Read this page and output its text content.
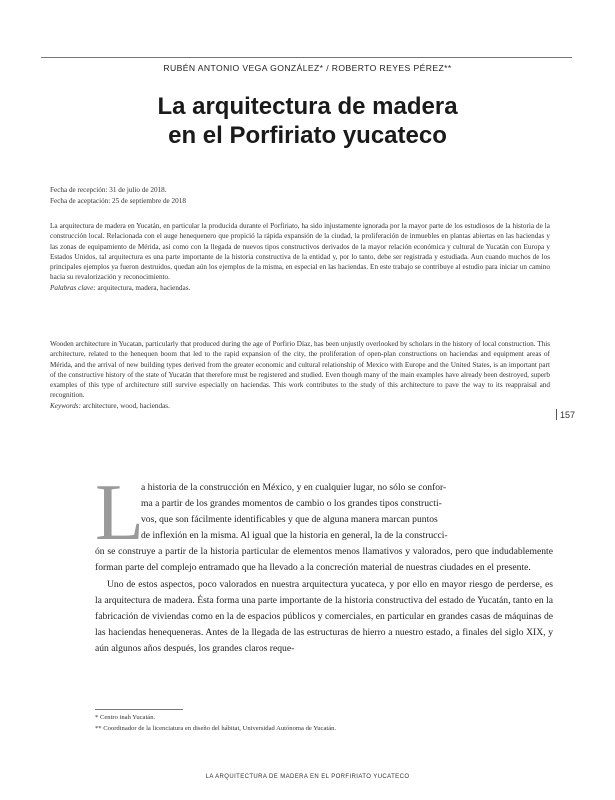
RUBÉN ANTONIO VEGA GONZÁLEZ* / ROBERTO REYES PÉREZ**
La arquitectura de madera
en el Porfiriato yucateco
Fecha de recepción: 31 de julio de 2018.
Fecha de aceptación: 25 de septiembre de 2018
La arquitectura de madera en Yucatán, en particular la producida durante el Porfiriato, ha sido injustamente ignorada por la mayor parte de los estudiosos de la historia de la construcción local. Relacionada con el auge henequenero que propició la rápida expansión de la ciudad, la proliferación de inmuebles en plantas abiertas en las haciendas y las zonas de equipamiento de Mérida, así como con la llegada de nuevos tipos constructivos derivados de la mayor relación económica y cultural de Yucatán con Europa y Estados Unidos, tal arquitectura es una parte importante de la historia constructiva de la entidad y, por lo tanto, debe ser registrada y estudiada. Aun cuando muchos de los principales ejemplos ya fueron destruidos, quedan aún los ejemplos de la misma, en especial en las haciendas. En este trabajo se contribuye al estudio para iniciar un camino hacia su revalorización y reconocimiento.
Palabras clave: arquitectura, madera, haciendas.
Wooden architecture in Yucatan, particularly that produced during the age of Porfirio Díaz, has been unjustly overlooked by scholars in the history of local construction. This architecture, related to the henequen boom that led to the rapid expansion of the city, the proliferation of open-plan constructions on haciendas and equipment areas of Mérida, and the arrival of new building types derived from the greater economic and cultural relationship of Mexico with Europe and the United States, is an important part of the constructive history of the state of Yucatán that therefore must be registered and studied. Even though many of the main examples have already been destroyed, superb examples of this type of architecture still survive especially on haciendas. This work contributes to the study of this architecture to pave the way to its reappraisal and recognition.
Keywords: architecture, wood, haciendas.
157
L

a historia de la construcción en México, y en cualquier lugar, no sólo se confor-
ma a partir de los grandes momentos de cambio o los grandes tipos constructi-
vos, que son fácilmente identificables y que de alguna manera marcan puntos
de inflexión en la misma. Al igual que la historia en general, la de la construcci-

ón se construye a partir de la historia particular de elementos menos llamativos y valorados, pero que indudablemente forman parte del complejo entramado que ha llevado a la concreción material de nuestras ciudades en el presente.

Uno de estos aspectos, poco valorados en nuestra arquitectura yucateca, y por ello en mayor riesgo de perderse, es la arquitectura de madera. Ésta forma una parte importante de la historia constructiva del estado de Yucatán, tanto en la fabricación de viviendas como en la de espacios públicos y comerciales, en particular en grandes casas de máquinas de las haciendas henequeneras. Antes de la llegada de las estructuras de hierro a nuestro estado, a finales del siglo XIX, y aún algunos años después, los grandes claros reque-

* Centro inah Yucatán.
** Coordinador de la licenciatura en diseño del hábitat, Universidad Autónoma de Yucatán.
LA ARQUITECTURA DE MADERA EN EL PORFIRIATO YUCATECO
